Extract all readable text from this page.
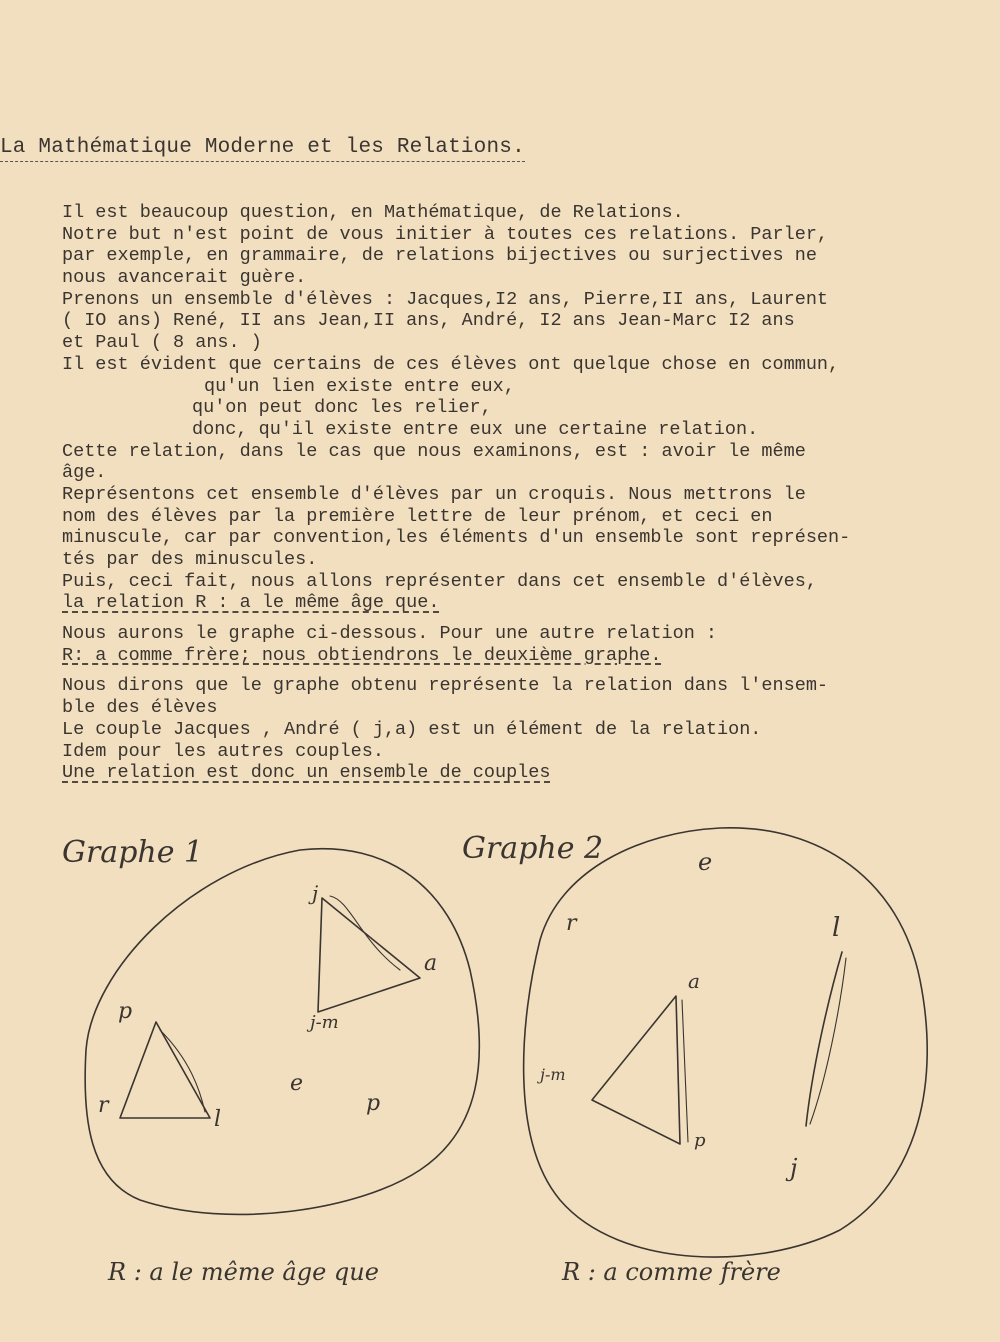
La Mathématique Moderne et les Relations.
Il est beaucoup question, en Mathématique, de Relations.
Notre but n'est point de vous initier à toutes ces relations. Parler,
par exemple, en grammaire, de relations bijectives ou surjectives ne
nous avancerait guère.
Prenons un ensemble d'élèves : Jacques,I2 ans, Pierre,II ans, Laurent
( IO ans) René, II ans Jean,II ans, André, I2 ans Jean-Marc I2 ans
et Paul ( 8 ans. )
Il est évident que certains de ces élèves ont quelque chose en commun,
qu'un lien existe entre eux,
qu'on peut donc les relier,
donc, qu'il existe entre eux une certaine relation.
Cette relation, dans le cas que nous examinons, est : avoir le même
âge.
Représentons cet ensemble d'élèves par un croquis. Nous mettrons le
nom des élèves par la première lettre de leur prénom, et ceci en
minuscule, car par convention,les éléments d'un ensemble sont représen-
tés par des minuscules.
Puis, ceci fait, nous allons représenter dans cet ensemble d'élèves,
la relation R : a le même âge que.
Nous aurons le graphe ci-dessous. Pour une autre relation :
R: a comme frère; nous obtiendrons le deuxième graphe.
Nous dirons que le graphe obtenu représente la relation dans l'ensem-
ble des élèves
Le couple Jacques , André ( j,a) est un élément de la relation.
Idem pour les autres couples.
Une relation est donc un ensemble de couples
Graphe 1
j
a
j-m
p
r
l
e
p
R : a le même âge que
Graphe 2	e
r	l
j
a
j-m
p
R : a comme frère
